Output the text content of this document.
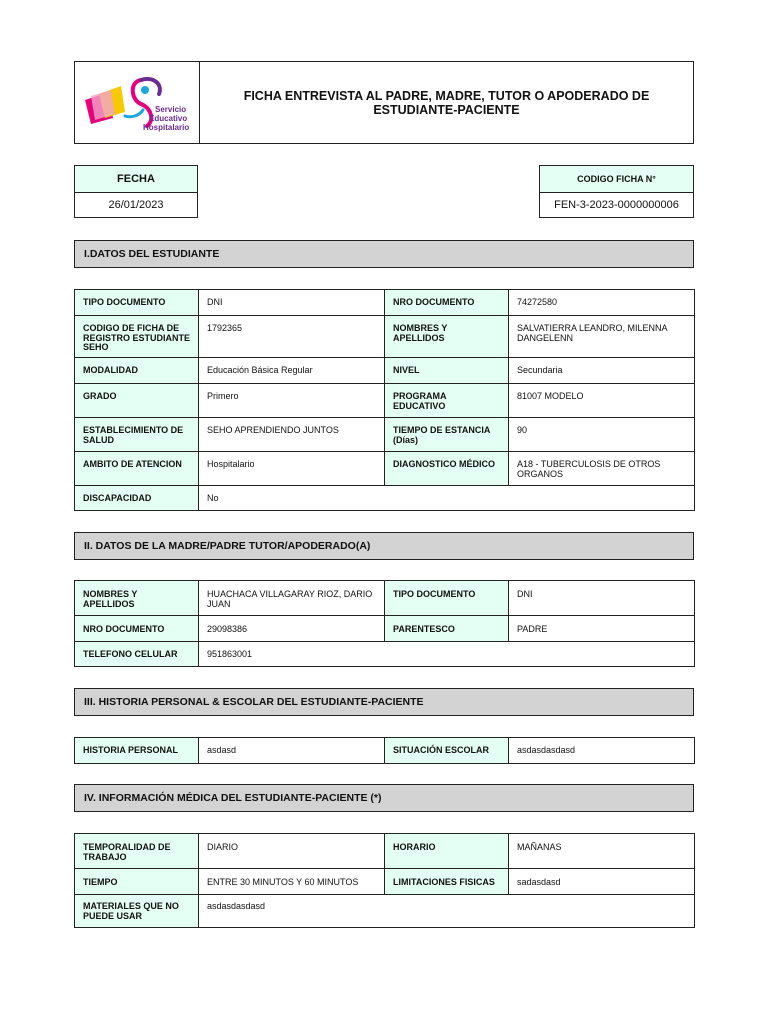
Servicio
Educativo
Hospitalario
FICHA ENTREVISTA AL PADRE, MADRE, TUTOR O APODERADO DE ESTUDIANTE-PACIENTE
FECHA
26/01/2023
CODIGO FICHA N°
FEN-3-2023-0000000006
I.DATOS DEL ESTUDIANTE
TIPO DOCUMENTO	DNI	NRO DOCUMENTO	74272580
CODIGO DE FICHA DE REGISTRO ESTUDIANTE SEHO	1792365	NOMBRES Y APELLIDOS	SALVATIERRA LEANDRO, MILENNA DANGELENN
MODALIDAD	Educación Básica Regular	NIVEL	Secundaria
GRADO	Primero	PROGRAMA EDUCATIVO	81007 MODELO
ESTABLECIMIENTO DE SALUD	SEHO APRENDIENDO JUNTOS	TIEMPO DE ESTANCIA (Días)	90
AMBITO DE ATENCION	Hospitalario	DIAGNOSTICO MÉDICO	A18 - TUBERCULOSIS DE OTROS ORGANOS
DISCAPACIDAD	No		
II. DATOS DE LA MADRE/PADRE TUTOR/APODERADO(A)
NOMBRES Y APELLIDOS	HUACHACA VILLAGARAY RIOZ, DARIO JUAN	TIPO DOCUMENTO	DNI
NRO DOCUMENTO	29098386	PARENTESCO	PADRE
TELEFONO CELULAR	951863001		
III. HISTORIA PERSONAL & ESCOLAR DEL ESTUDIANTE-PACIENTE
HISTORIA PERSONAL	asdasd	SITUACIÓN ESCOLAR	asdasdasdasd
IV. INFORMACIÓN MÉDICA DEL ESTUDIANTE-PACIENTE (*)
TEMPORALIDAD DE TRABAJO	DIARIO	HORARIO	MAÑANAS
TIEMPO	ENTRE 30 MINUTOS Y 60 MINUTOS	LIMITACIONES FISICAS	sadasdasd
MATERIALES QUE NO PUEDE USAR	asdasdasdasd		
